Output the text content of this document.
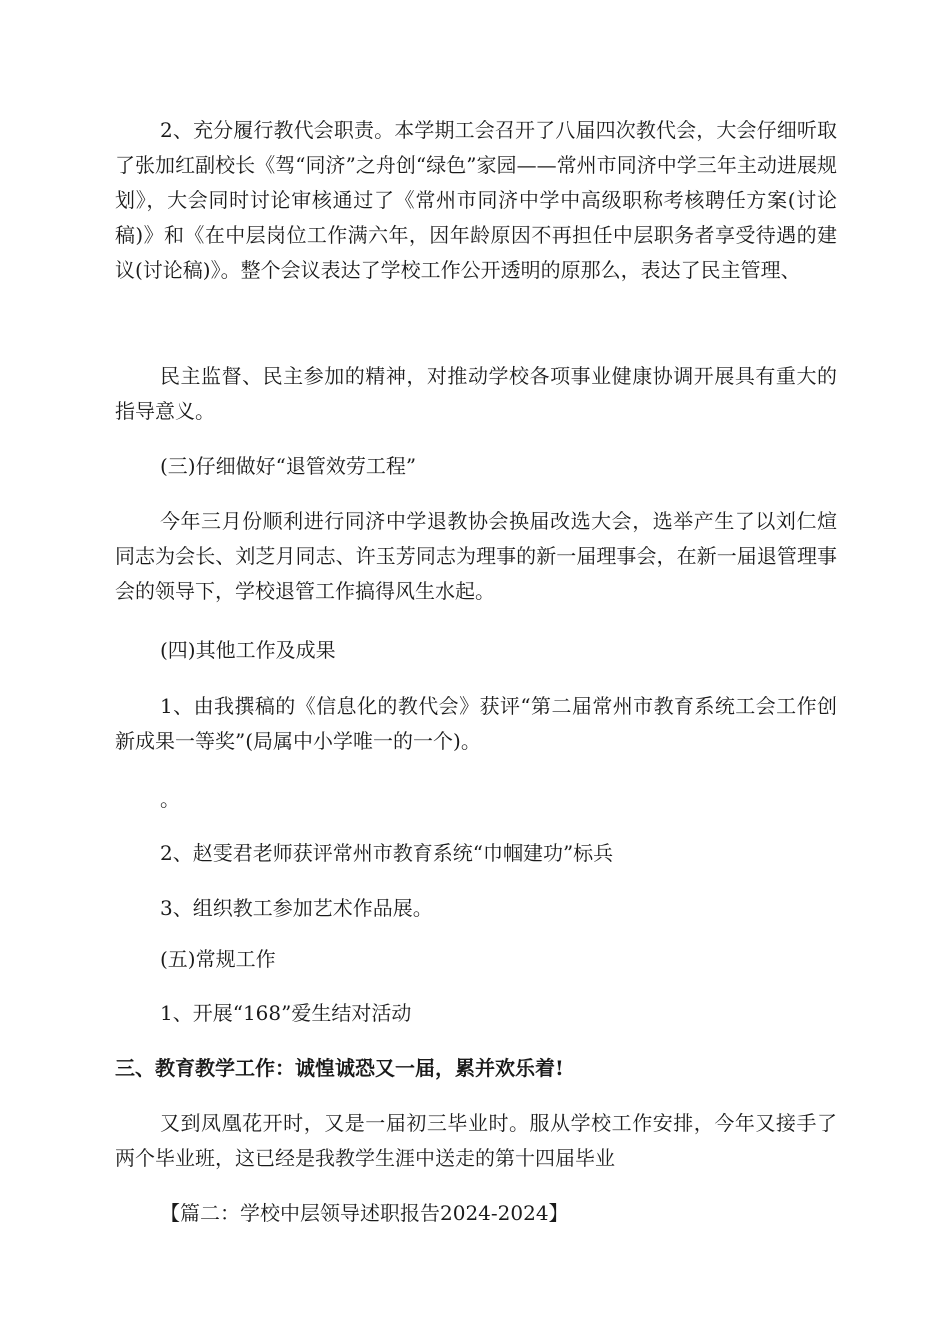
2、充分履行教代会职责。本学期工会召开了八届四次教代会，大会仔细听取了张加红副校长《驾“同济”之舟创“绿色”家园——常州市同济中学三年主动进展规划》，大会同时讨论审核通过了《常州市同济中学中高级职称考核聘任方案(讨论稿)》和《在中层岗位工作满六年，因年龄原因不再担任中层职务者享受待遇的建议(讨论稿)》。整个会议表达了学校工作公开透明的原那么，表达了民主管理、

民主监督、民主参加的精神，对推动学校各项事业健康协调开展具有重大的指导意义。

(三)仔细做好“退管效劳工程”

今年三月份顺利进行同济中学退教协会换届改选大会，选举产生了以刘仁煊同志为会长、刘芝月同志、许玉芳同志为理事的新一届理事会，在新一届退管理事会的领导下，学校退管工作搞得风生水起。

(四)其他工作及成果

1、由我撰稿的《信息化的教代会》获评“第二届常州市教育系统工会工作创新成果一等奖”(局属中小学唯一的一个)。

。

2、赵雯君老师获评常州市教育系统“巾帼建功”标兵

3、组织教工参加艺术作品展。

(五)常规工作

1、开展“168”爱生结对活动

三、教育教学工作：诚惶诚恐又一届，累并欢乐着!

又到凤凰花开时，又是一届初三毕业时。服从学校工作安排，今年又接手了两个毕业班，这已经是我教学生涯中送走的第十四届毕业

【篇二：学校中层领导述职报告2024-2024】
